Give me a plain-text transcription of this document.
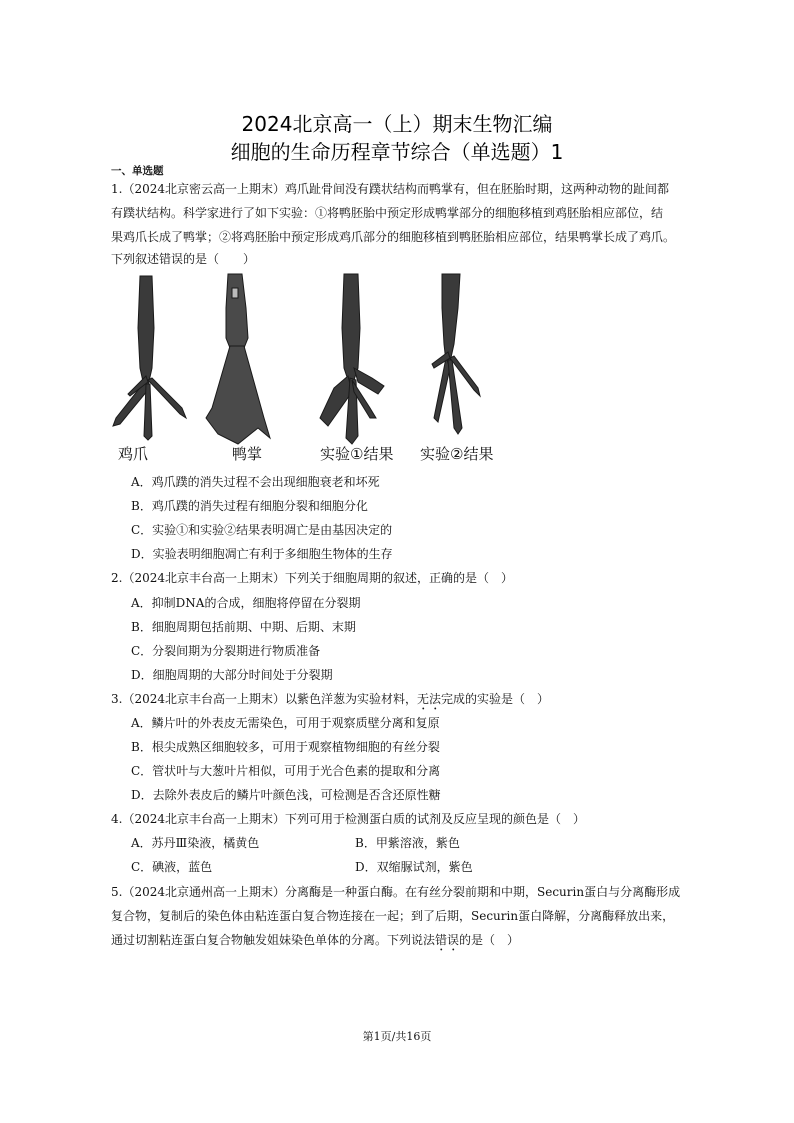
2024北京高一（上）期末生物汇编
细胞的生命历程章节综合（单选题）1
一、单选题
1.（2024北京密云高一上期末）鸡爪趾骨间没有蹼状结构而鸭掌有，但在胚胎时期，这两种动物的趾间都
有蹼状结构。科学家进行了如下实验：①将鸭胚胎中预定形成鸭掌部分的细胞移植到鸡胚胎相应部位，结
果鸡爪长成了鸭掌；②将鸡胚胎中预定形成鸡爪部分的细胞移植到鸭胚胎相应部位，结果鸭掌长成了鸡爪。
下列叙述错误的是（　　）
鸡爪	鸭掌	实验①结果 实验②结果
A．鸡爪蹼的消失过程不会出现细胞衰老和坏死
B．鸡爪蹼的消失过程有细胞分裂和细胞分化
C．实验①和实验②结果表明凋亡是由基因决定的
D．实验表明细胞凋亡有利于多细胞生物体的生存
2.（2024北京丰台高一上期末）下列关于细胞周期的叙述，正确的是（　）
A．抑制DNA的合成，细胞将停留在分裂期
B．细胞周期包括前期、中期、后期、末期
C．分裂间期为分裂期进行物质准备
D．细胞周期的大部分时间处于分裂期
3.（2024北京丰台高一上期末）以紫色洋葱为实验材料，无法完成的实验是（　）
A．鳞片叶的外表皮无需染色，可用于观察质壁分离和复原
B．根尖成熟区细胞较多，可用于观察植物细胞的有丝分裂
C．管状叶与大葱叶片相似，可用于光合色素的提取和分离
D．去除外表皮后的鳞片叶颜色浅，可检测是否含还原性糖
4.（2024北京丰台高一上期末）下列可用于检测蛋白质的试剂及反应呈现的颜色是（　）
A．苏丹Ⅲ染液，橘黄色	B．甲紫溶液，紫色
C．碘液，蓝色	D．双缩脲试剂，紫色
5.（2024北京通州高一上期末）分离酶是一种蛋白酶。在有丝分裂前期和中期，Securin蛋白与分离酶形成
复合物，复制后的染色体由粘连蛋白复合物连接在一起；到了后期，Securin蛋白降解，分离酶释放出来，
通过切割粘连蛋白复合物触发姐妹染色单体的分离。下列说法错误的是（　）
第1页/共16页
